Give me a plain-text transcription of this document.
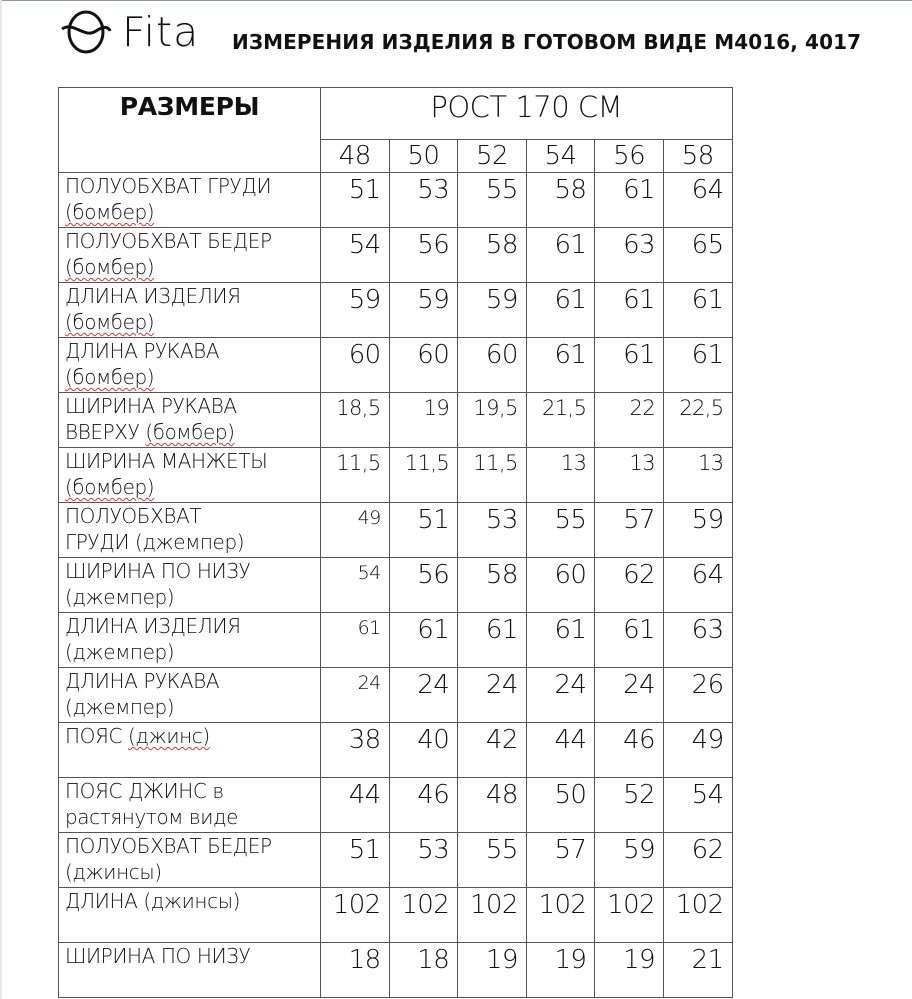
Fita ИЗМЕРЕНИЯ ИЗДЕЛИЯ В ГОТОВОМ ВИДЕ М4016, 4017
РАЗМЕРЫ	РОСТ 170 СМ					
	48	50	52	54	56	58
ПОЛУОБХВАТ ГРУДИ
(бомбер)	51	53	55	58	61	64
ПОЛУОБХВАТ БЕДЕР
(бомбер)	54	56	58	61	63	65
ДЛИНА ИЗДЕЛИЯ
(бомбер)	59	59	59	61	61	61
ДЛИНА РУКАВА
(бомбер)	60	60	60	61	61	61
ШИРИНА РУКАВА
ВВЕРХУ (бомбер)	18,5	19	19,5	21,5	22	22,5
ШИРИНА МАНЖЕТЫ
(бомбер)	11,5	11,5	11,5	13	13	13
ПОЛУОБХВАТ
ГРУДИ (джемпер)	49	51	53	55	57	59
ШИРИНА ПО НИЗУ
(джемпер)	54	56	58	60	62	64
ДЛИНА ИЗДЕЛИЯ
(джемпер)	61	61	61	61	61	63
ДЛИНА РУКАВА
(джемпер)	24	24	24	24	24	26
ПОЯС (джинс)	38	40	42	44	46	49
ПОЯС ДЖИНС в
растянутом виде	44	46	48	50	52	54
ПОЛУОБХВАТ БЕДЕР
(джинсы)	51	53	55	57	59	62
ДЛИНА (джинсы)	102	102	102	102	102	102
ШИРИНА ПО НИЗУ	18	18	19	19	19	21
